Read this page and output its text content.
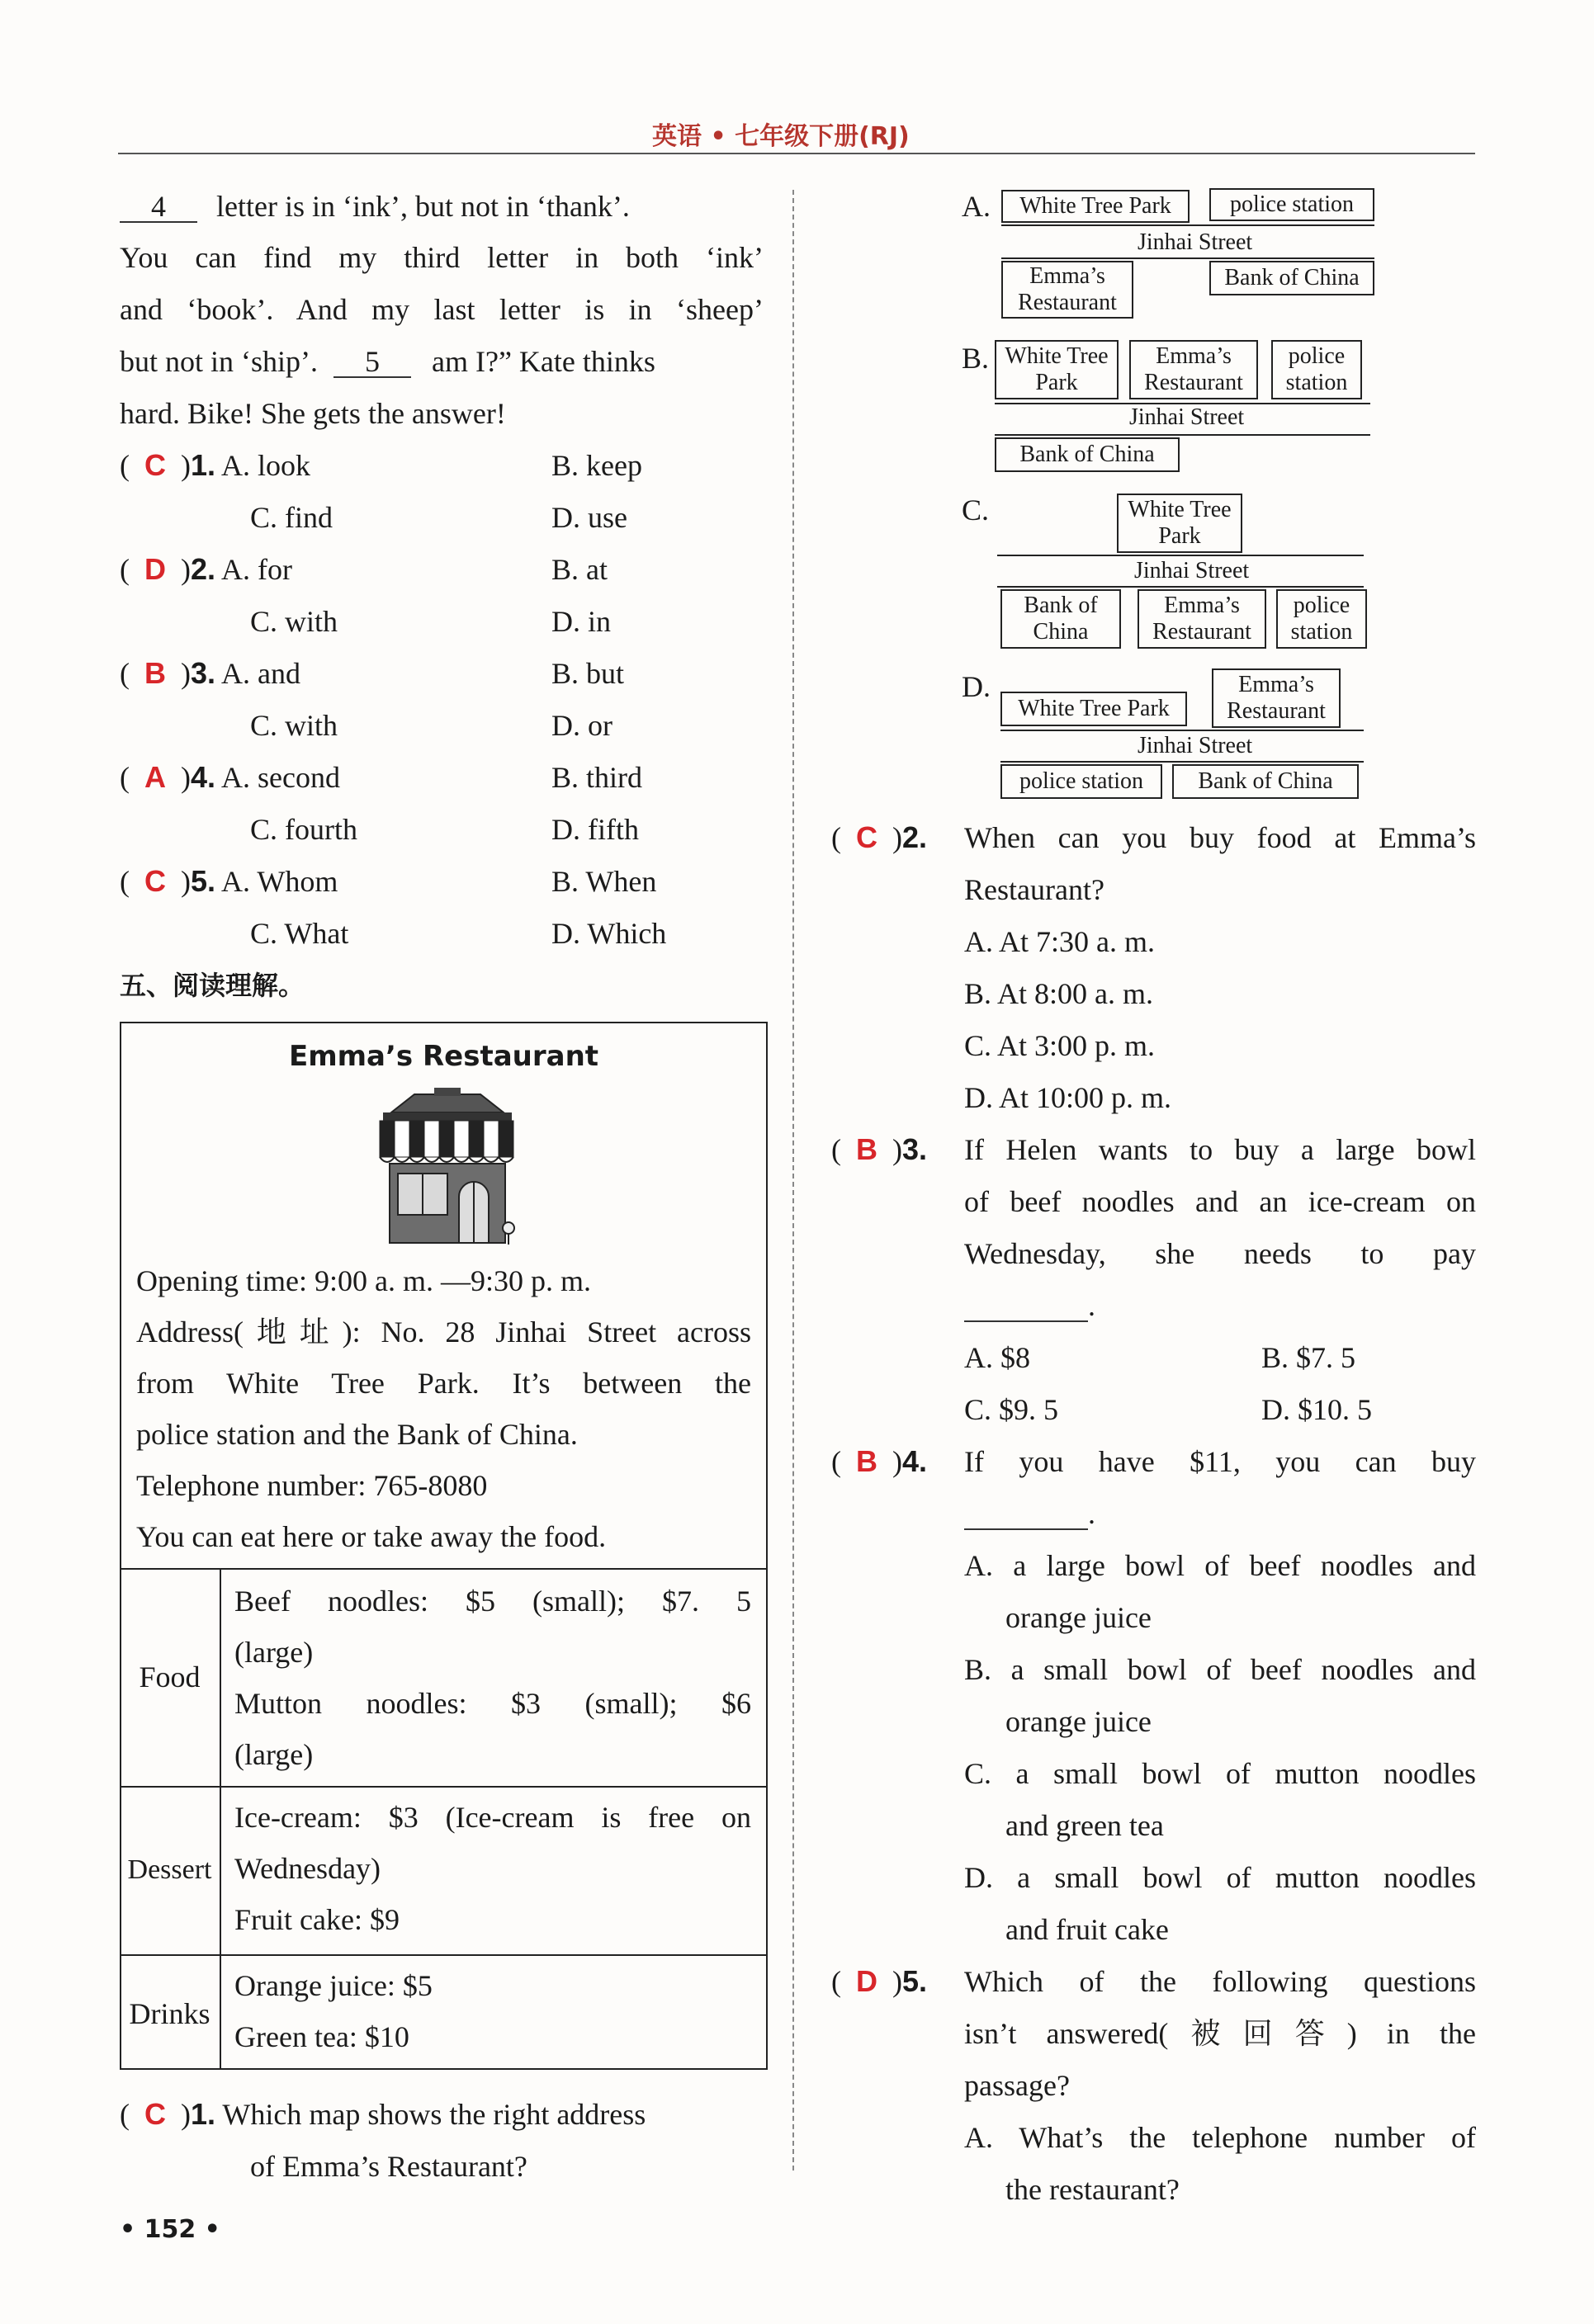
英语 • 七年级下册(RJ)
4 letter is in ‘ink’, but not in ‘thank’.
You can find my third letter in both ‘ink’
and ‘book’. And my last letter is in ‘sheep’
but not in ‘ship’. 5 am I?” Kate thinks
hard. Bike! She gets the answer!
(  C  )1. A. look	B. keep
C. find	D. use
(  D  )2. A. for	B. at
C. with	D. in
(  B  )3. A. and	B. but
C. with	D. or
(  A  )4. A. second	B. third
C. fourth	D. fifth
(  C  )5. A. Whom	B. When
C. What	D. Which
五、阅读理解。
Emma’s Restaurant
Opening time: 9:00 a. m. —9:30 p. m.
Address(地址): No. 28 Jinhai Street across
from White Tree Park. It’s between the
police station and the Bank of China.
Telephone number: 765-8080
You can eat here or take away the food.
Food
Beef noodles: $5 (small); $7. 5
(large)
Mutton noodles: $3 (small); $6
(large)
Dessert
Ice-cream: $3 (Ice-cream is free on
Wednesday)
Fruit cake: $9
Drinks
Orange juice: $5
Green tea: $10
(  C  )1. Which map shows the right address
of Emma’s Restaurant?
• 152 •
A.	White Tree Park	police station
Jinhai Street
Emma’s Restaurant
Bank of China
B. White Tree Park
Emma’s Restaurant
police station
Jinhai Street
Bank of China
C.	White Tree Park
Jinhai Street
Bank of China
Emma’s Restaurant
police station
D.
White Tree Park
Emma’s Restaurant
Jinhai Street
police station	Bank of China
(  C  )2. When can you buy food at Emma’s
Restaurant?
A. At 7:30 a. m.
B. At 8:00 a. m.
C. At 3:00 p. m.
D. At 10:00 p. m.
(  B  )3. If Helen wants to buy a large bowl
of beef noodles and an ice-cream on
Wednesday, she needs to pay
.
A. $8	B. $7. 5
C. $9. 5	D. $10. 5
(  B  )4. If you have $11, you can buy
.
A. a large bowl of beef noodles and
orange juice
B. a small bowl of beef noodles and
orange juice
C. a small bowl of mutton noodles
and green tea
D. a small bowl of mutton noodles
and fruit cake
(  D  )5. Which of the following questions
isn’t answered(被回答) in the
passage?
A. What’s the telephone number of
the restaurant?
